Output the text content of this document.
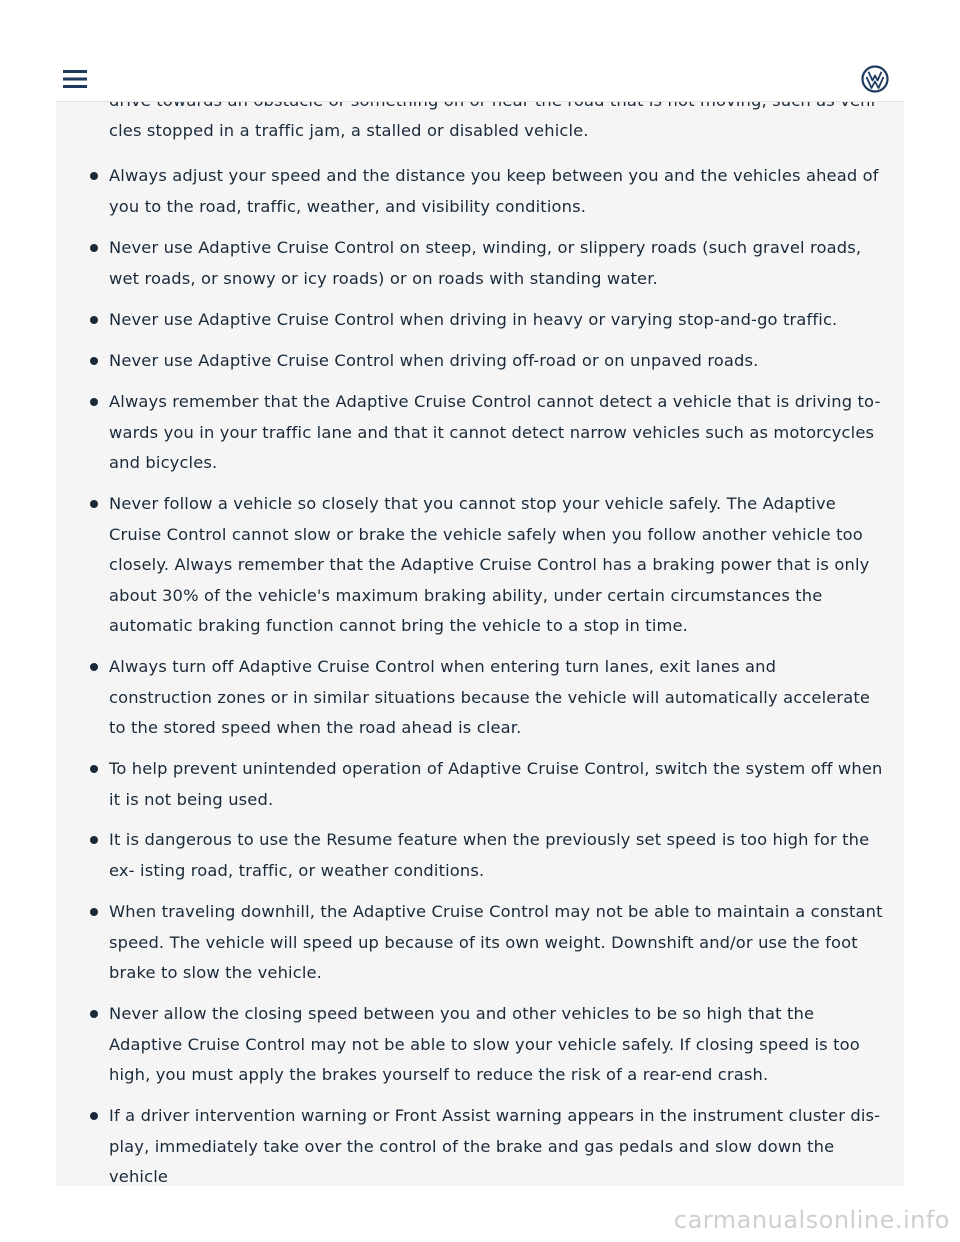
cles stopped in a traffic jam, a stalled or disabled vehicle.
Always adjust your speed and the distance you keep between you and the vehicles ahead of you to the road, traffic, weather, and visibility conditions.
Never use Adaptive Cruise Control on steep, winding, or slippery roads (such gravel roads, wet roads, or snowy or icy roads) or on roads with standing water.
Never use Adaptive Cruise Control when driving in heavy or varying stop-and-go traffic.
Never use Adaptive Cruise Control when driving off-road or on unpaved roads.
Always remember that the Adaptive Cruise Control cannot detect a vehicle that is driving to- wards you in your traffic lane and that it cannot detect narrow vehicles such as motorcycles and bicycles.
Never follow a vehicle so closely that you cannot stop your vehicle safely. The Adaptive Cruise Control cannot slow or brake the vehicle safely when you follow another vehicle too closely. Always remember that the Adaptive Cruise Control has a braking power that is only about 30% of the vehicle's maximum braking ability, under certain circumstances the automatic braking function cannot bring the vehicle to a stop in time.
Always turn off Adaptive Cruise Control when entering turn lanes, exit lanes and construction zones or in similar situations because the vehicle will automatically accelerate to the stored speed when the road ahead is clear.
To help prevent unintended operation of Adaptive Cruise Control, switch the system off when it is not being used.
It is dangerous to use the Resume feature when the previously set speed is too high for the ex- isting road, traffic, or weather conditions.
When traveling downhill, the Adaptive Cruise Control may not be able to maintain a constant speed. The vehicle will speed up because of its own weight. Downshift and/or use the foot brake to slow the vehicle.
Never allow the closing speed between you and other vehicles to be so high that the Adaptive Cruise Control may not be able to slow your vehicle safely. If closing speed is too high, you must apply the brakes yourself to reduce the risk of a rear-end crash.
If a driver intervention warning or Front Assist warning appears in the instrument cluster dis- play, immediately take over the control of the brake and gas pedals and slow down the vehicle
carmanualsonline.info
